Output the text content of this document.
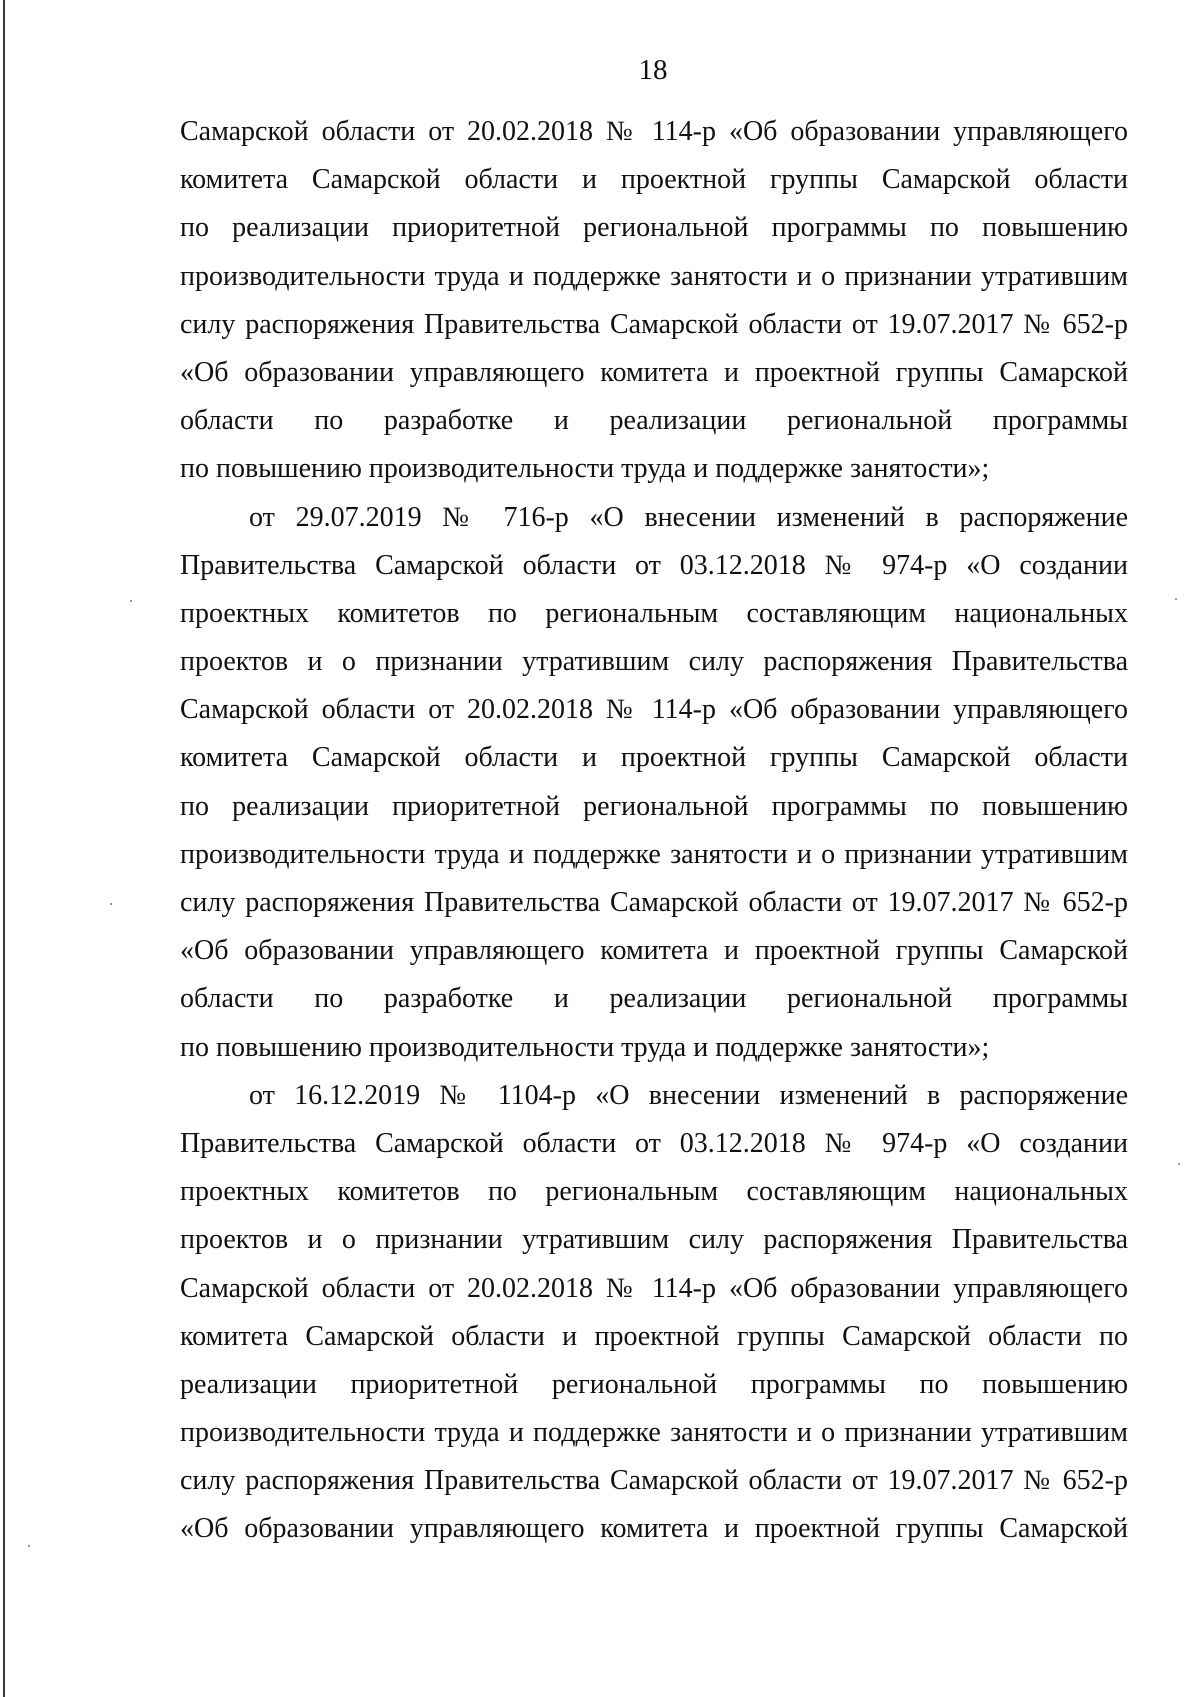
18
Самарской области от 20.02.2018 № 114-р «Об образовании управляющего
комитета Самарской области и проектной группы Самарской области
по реализации приоритетной региональной программы по повышению
производительности труда и поддержке занятости и о признании утратившим
силу распоряжения Правительства Самарской области от 19.07.2017 № 652-р
«Об образовании управляющего комитета и проектной группы Самарской
области по разработке и реализации региональной программы
по повышению производительности труда и поддержке занятости»;
от 29.07.2019 № 716-р «О внесении изменений в распоряжение
Правительства Самарской области от 03.12.2018 № 974-р «О создании
проектных комитетов по региональным составляющим национальных
проектов и о признании утратившим силу распоряжения Правительства
Самарской области от 20.02.2018 № 114-р «Об образовании управляющего
комитета Самарской области и проектной группы Самарской области
по реализации приоритетной региональной программы по повышению
производительности труда и поддержке занятости и о признании утратившим
силу распоряжения Правительства Самарской области от 19.07.2017 № 652-р
«Об образовании управляющего комитета и проектной группы Самарской
области по разработке и реализации региональной программы
по повышению производительности труда и поддержке занятости»;
от 16.12.2019 № 1104-р «О внесении изменений в распоряжение
Правительства Самарской области от 03.12.2018 № 974-р «О создании
проектных комитетов по региональным составляющим национальных
проектов и о признании утратившим силу распоряжения Правительства
Самарской области от 20.02.2018 № 114-р «Об образовании управляющего
комитета Самарской области и проектной группы Самарской области по
реализации приоритетной региональной программы по повышению
производительности труда и поддержке занятости и о признании утратившим
силу распоряжения Правительства Самарской области от 19.07.2017 № 652-р
«Об образовании управляющего комитета и проектной группы Самарской
